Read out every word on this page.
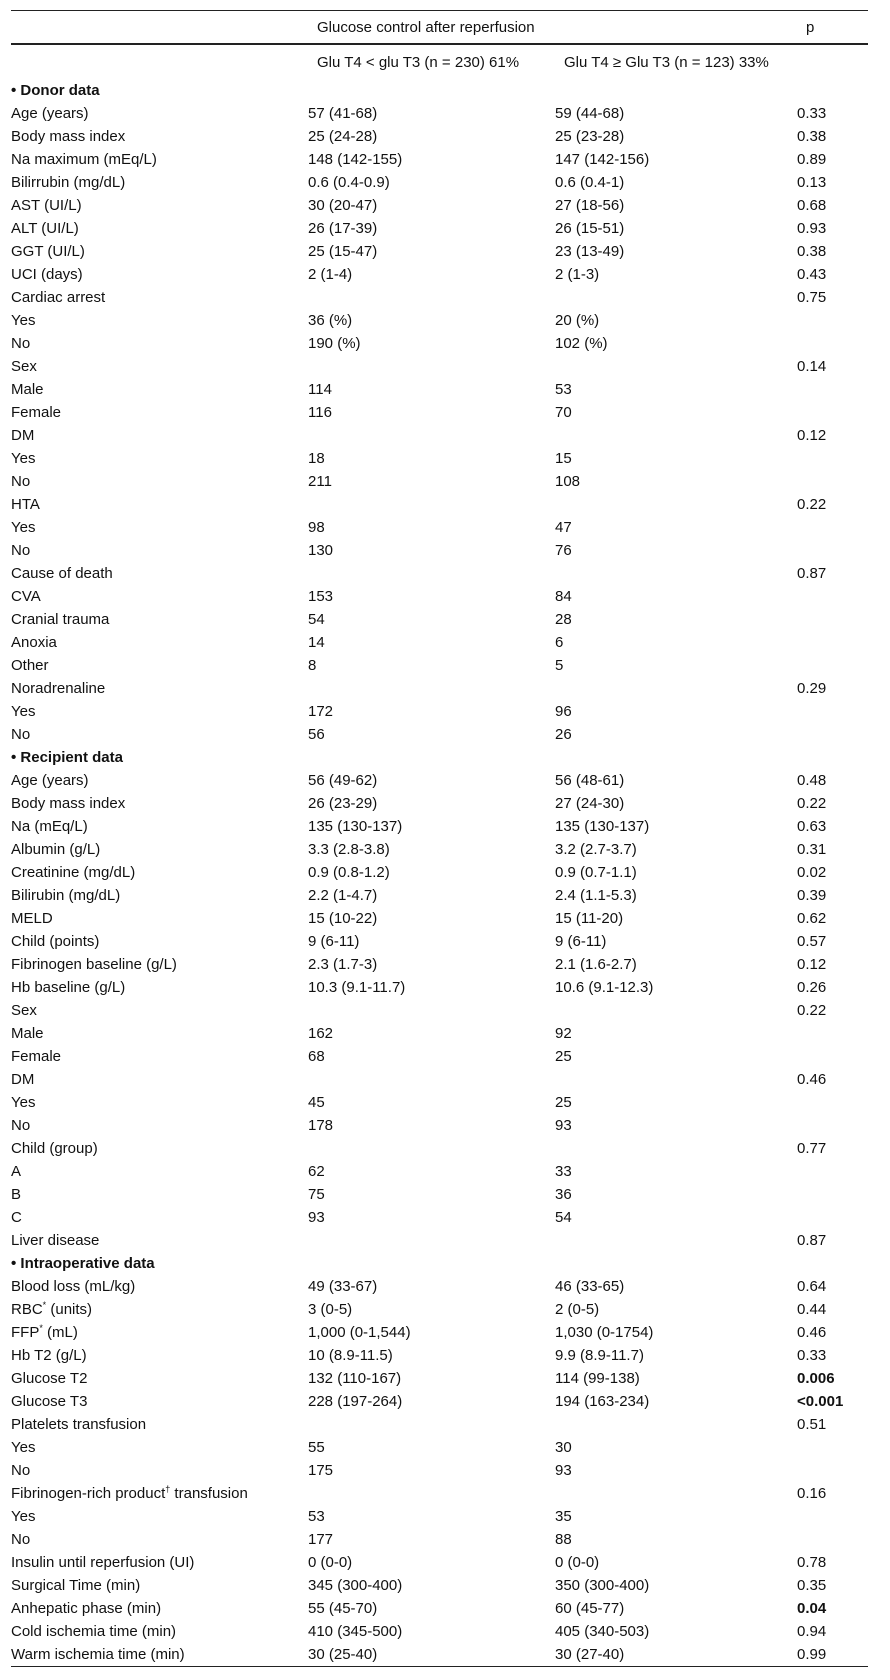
	Glucose control after reperfusion		p
	Glu T4 < glu T3 (n = 230) 61%	Glu T4 ≥ Glu T3 (n = 123) 33%	
• Donor data			
Age (years)	57 (41-68)	59 (44-68)	0.33
Body mass index	25 (24-28)	25 (23-28)	0.38
Na maximum (mEq/L)	148 (142-155)	147 (142-156)	0.89
Bilirrubin (mg/dL)	0.6 (0.4-0.9)	0.6 (0.4-1)	0.13
AST (UI/L)	30 (20-47)	27 (18-56)	0.68
ALT (UI/L)	26 (17-39)	26 (15-51)	0.93
GGT (UI/L)	25 (15-47)	23 (13-49)	0.38
UCI (days)	2 (1-4)	2 (1-3)	0.43
Cardiac arrest			0.75
Yes	36 (%)	20 (%)	
No	190 (%)	102 (%)	
Sex			0.14
Male	114	53	
Female	116	70	
DM			0.12
Yes	18	15	
No	211	108	
HTA			0.22
Yes	98	47	
No	130	76	
Cause of death			0.87
CVA	153	84	
Cranial trauma	54	28	
Anoxia	14	6	
Other	8	5	
Noradrenaline			0.29
Yes	172	96	
No	56	26	
• Recipient data			
Age (years)	56 (49-62)	56 (48-61)	0.48
Body mass index	26 (23-29)	27 (24-30)	0.22
Na (mEq/L)	135 (130-137)	135 (130-137)	0.63
Albumin (g/L)	3.3 (2.8-3.8)	3.2 (2.7-3.7)	0.31
Creatinine (mg/dL)	0.9 (0.8-1.2)	0.9 (0.7-1.1)	0.02
Bilirubin (mg/dL)	2.2 (1-4.7)	2.4 (1.1-5.3)	0.39
MELD	15 (10-22)	15 (11-20)	0.62
Child (points)	9 (6-11)	9 (6-11)	0.57
Fibrinogen baseline (g/L)	2.3 (1.7-3)	2.1 (1.6-2.7)	0.12
Hb baseline (g/L)	10.3 (9.1-11.7)	10.6 (9.1-12.3)	0.26
Sex			0.22
Male	162	92	
Female	68	25	
DM			0.46
Yes	45	25	
No	178	93	
Child (group)			0.77
A	62	33	
B	75	36	
C	93	54	
Liver disease			0.87
• Intraoperative data			
Blood loss (mL/kg)	49 (33-67)	46 (33-65)	0.64
RBC* (units)	3 (0-5)	2 (0-5)	0.44
FFP* (mL)	1,000 (0-1,544)	1,030 (0-1754)	0.46
Hb T2 (g/L)	10 (8.9-11.5)	9.9 (8.9-11.7)	0.33
Glucose T2	132 (110-167)	114 (99-138)	0.006
Glucose T3	228 (197-264)	194 (163-234)	<0.001
Platelets transfusion			0.51
Yes	55	30	
No	175	93	
Fibrinogen-rich product† transfusion			0.16
Yes	53	35	
No	177	88	
Insulin until reperfusion (UI)	0 (0-0)	0 (0-0)	0.78
Surgical Time (min)	345 (300-400)	350 (300-400)	0.35
Anhepatic phase (min)	55 (45-70)	60 (45-77)	0.04
Cold ischemia time (min)	410 (345-500)	405 (340-503)	0.94
Warm ischemia time (min)	30 (25-40)	30 (27-40)	0.99
